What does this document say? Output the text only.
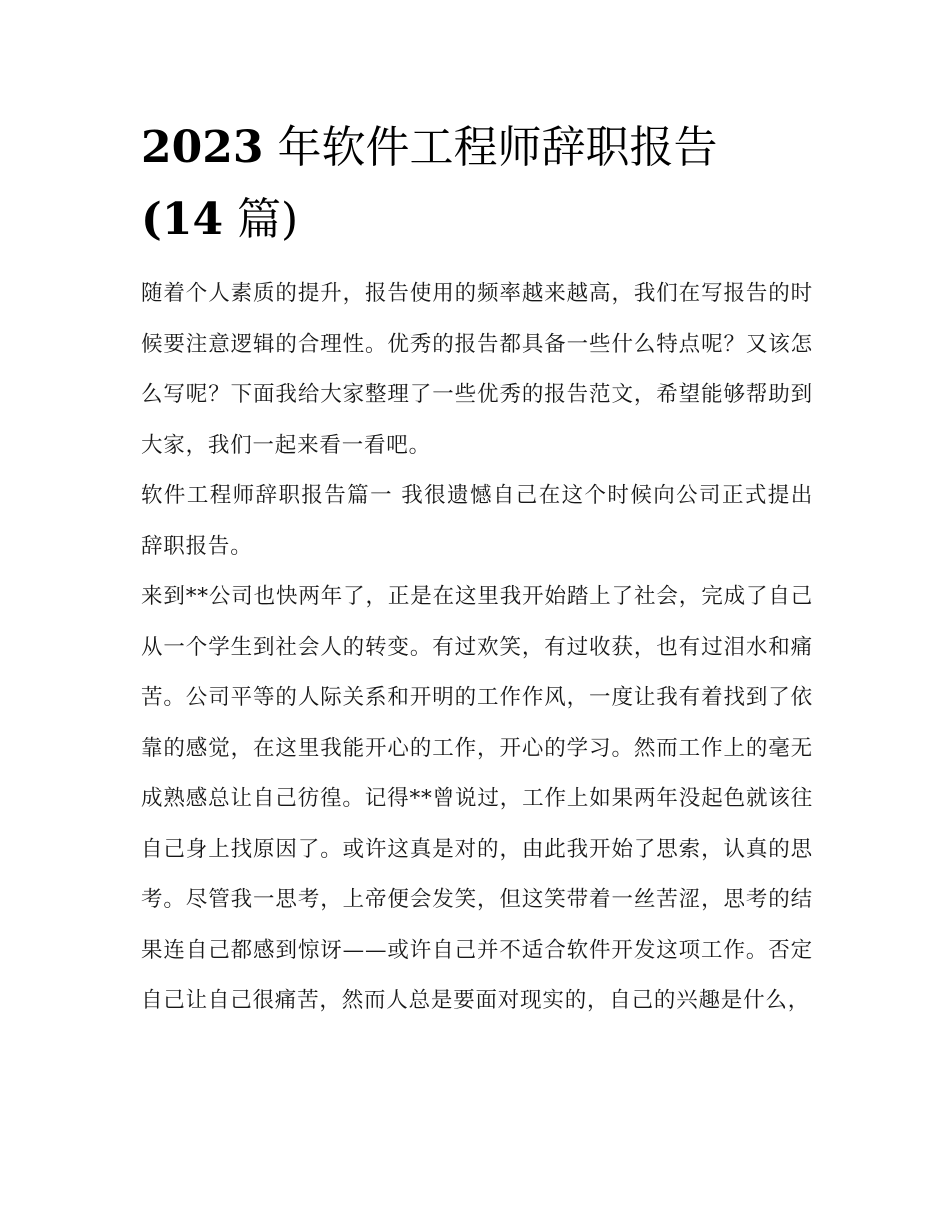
2023 年软件工程师辞职报告
(14 篇)

随着个人素质的提升，报告使用的频率越来越高，我们在写报告的时候要注意逻辑的合理性。优秀的报告都具备一些什么特点呢？又该怎么写呢？下面我给大家整理了一些优秀的报告范文，希望能够帮助到大家，我们一起来看一看吧。

软件工程师辞职报告篇一 我很遗憾自己在这个时候向公司正式提出辞职报告。

来到**公司也快两年了，正是在这里我开始踏上了社会，完成了自己从一个学生到社会人的转变。有过欢笑，有过收获，也有过泪水和痛苦。公司平等的人际关系和开明的工作作风，一度让我有着找到了依靠的感觉，在这里我能开心的工作，开心的学习。然而工作上的毫无成熟感总让自己彷徨。记得**曾说过，工作上如果两年没起色就该往自己身上找原因了。或许这真是对的，由此我开始了思索，认真的思考。尽管我一思考，上帝便会发笑，但这笑带着一丝苦涩，思考的结果连自己都感到惊讶——或许自己并不适合软件开发这项工作。否定自己让自己很痛苦，然而人总是要面对现实的，自己的兴趣是什么，
